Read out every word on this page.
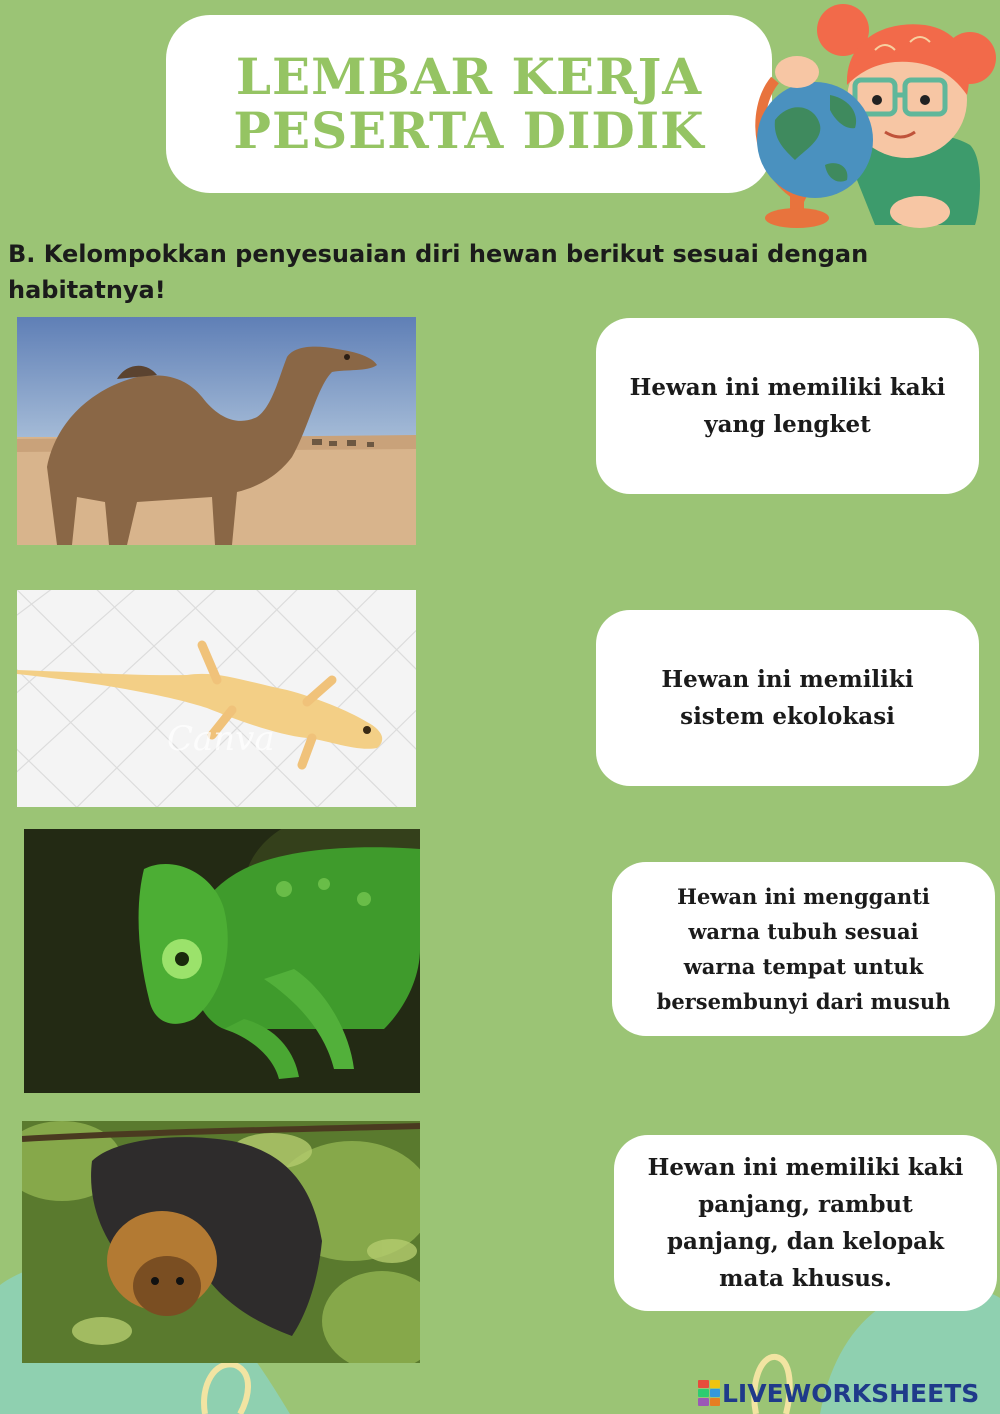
LEMBAR KERJA
PESERTA DIDIK
B. Kelompokkan penyesuaian diri hewan berikut sesuai dengan
habitatnya!
Canva
Hewan ini memiliki kaki yang lengket
Hewan ini memiliki sistem ekolokasi
Hewan ini mengganti warna tubuh sesuai warna tempat untuk bersembunyi dari musuh
Hewan ini memiliki kaki panjang, rambut panjang, dan kelopak mata khusus.
LIVEWORKSHEETS
